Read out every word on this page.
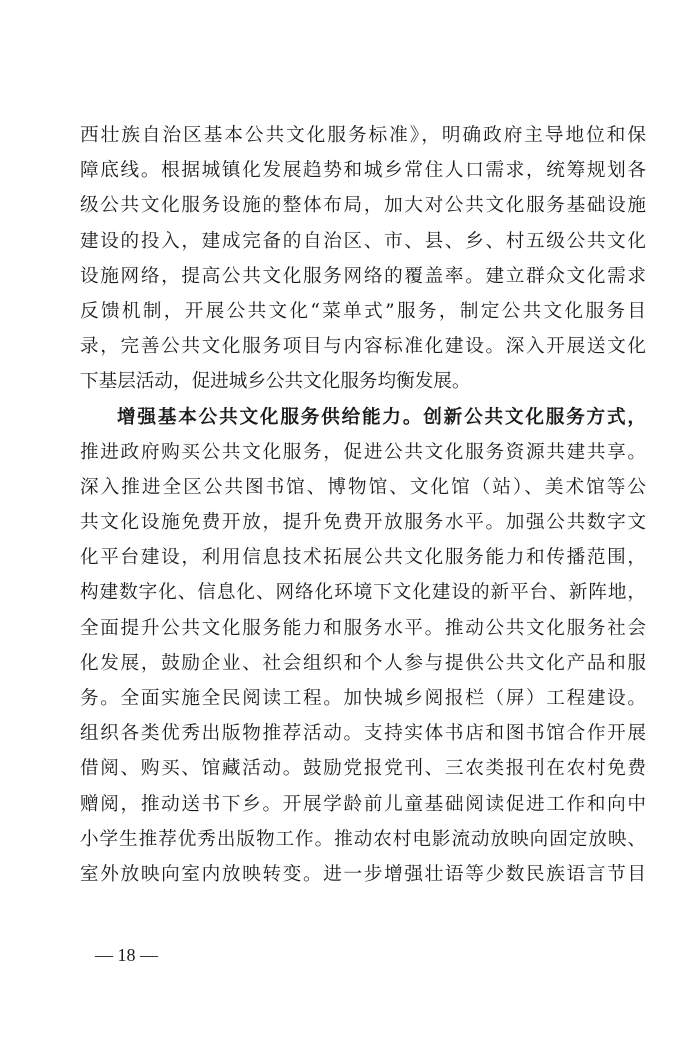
西壮族自治区基本公共文化服务标准》，明确政府主导地位和保
障底线。根据城镇化发展趋势和城乡常住人口需求，统筹规划各
级公共文化服务设施的整体布局，加大对公共文化服务基础设施
建设的投入，建成完备的自治区、市、县、乡、村五级公共文化
设施网络，提高公共文化服务网络的覆盖率。建立群众文化需求
反馈机制，开展公共文化“菜单式”服务，制定公共文化服务目
录，完善公共文化服务项目与内容标准化建设。深入开展送文化
下基层活动，促进城乡公共文化服务均衡发展。
增强基本公共文化服务供给能力。创新公共文化服务方式，
推进政府购买公共文化服务，促进公共文化服务资源共建共享。
深入推进全区公共图书馆、博物馆、文化馆（站）、美术馆等公
共文化设施免费开放，提升免费开放服务水平。加强公共数字文
化平台建设，利用信息技术拓展公共文化服务能力和传播范围，
构建数字化、信息化、网络化环境下文化建设的新平台、新阵地，
全面提升公共文化服务能力和服务水平。推动公共文化服务社会
化发展，鼓励企业、社会组织和个人参与提供公共文化产品和服
务。全面实施全民阅读工程。加快城乡阅报栏（屏）工程建设。
组织各类优秀出版物推荐活动。支持实体书店和图书馆合作开展
借阅、购买、馆藏活动。鼓励党报党刊、三农类报刊在农村免费
赠阅，推动送书下乡。开展学龄前儿童基础阅读促进工作和向中
小学生推荐优秀出版物工作。推动农村电影流动放映向固定放映、
室外放映向室内放映转变。进一步增强壮语等少数民族语言节目
— 18 —
